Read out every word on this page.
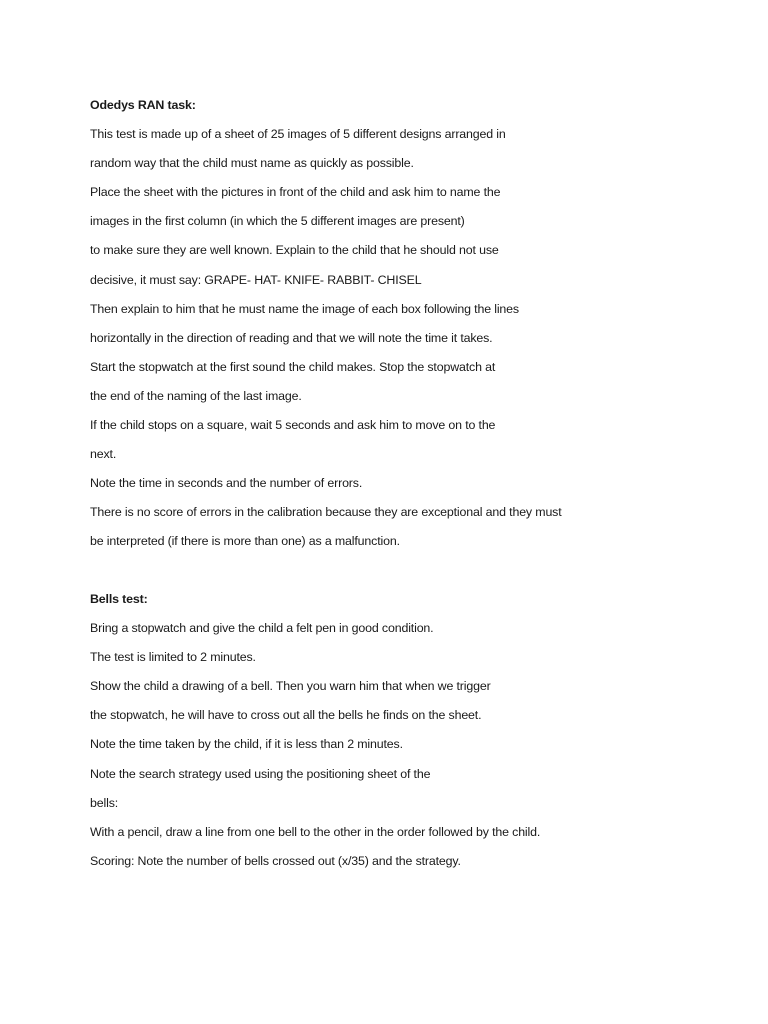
Odedys RAN task:
This test is made up of a sheet of 25 images of 5 different designs arranged in
random way that the child must name as quickly as possible.
Place the sheet with the pictures in front of the child and ask him to name the
images in the first column (in which the 5 different images are present)
to make sure they are well known. Explain to the child that he should not use
decisive, it must say: GRAPE- HAT- KNIFE- RABBIT- CHISEL
Then explain to him that he must name the image of each box following the lines
horizontally in the direction of reading and that we will note the time it takes.
Start the stopwatch at the first sound the child makes. Stop the stopwatch at
the end of the naming of the last image.
If the child stops on a square, wait 5 seconds and ask him to move on to the
next.
Note the time in seconds and the number of errors.
There is no score of errors in the calibration because they are exceptional and they must
be interpreted (if there is more than one) as a malfunction.
Bells test:
Bring a stopwatch and give the child a felt pen in good condition.
The test is limited to 2 minutes.
Show the child a drawing of a bell. Then you warn him that when we trigger
the stopwatch, he will have to cross out all the bells he finds on the sheet.
Note the time taken by the child, if it is less than 2 minutes.
Note the search strategy used using the positioning sheet of the
bells:
With a pencil, draw a line from one bell to the other in the order followed by the child.
Scoring: Note the number of bells crossed out (x/35) and the strategy.
